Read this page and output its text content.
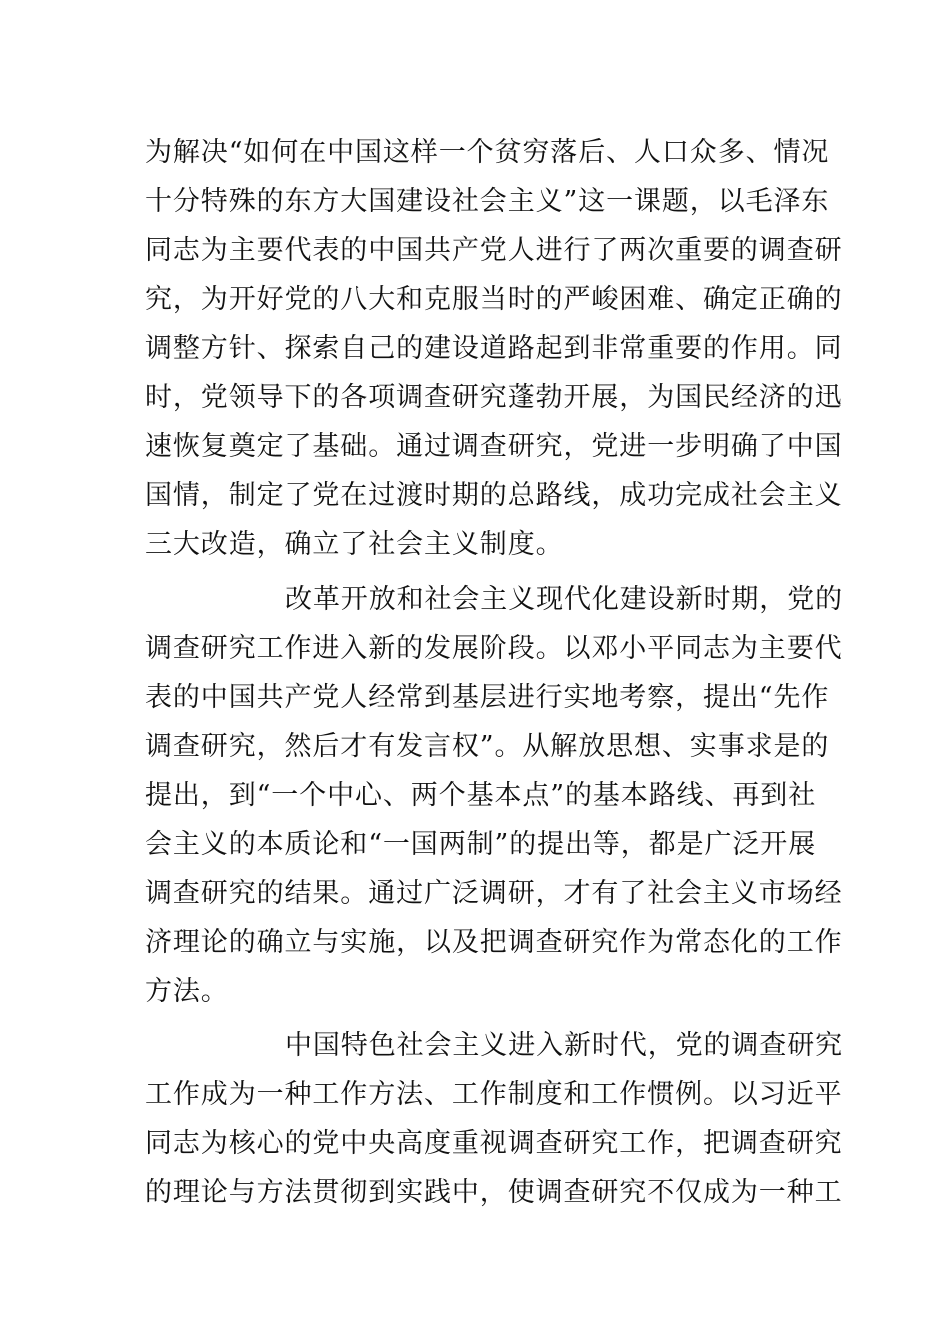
为解决“如何在中国这样一个贫穷落后、人口众多、情况
十分特殊的东方大国建设社会主义”这一课题，以毛泽东
同志为主要代表的中国共产党人进行了两次重要的调查研
究，为开好党的八大和克服当时的严峻困难、确定正确的
调整方针、探索自己的建设道路起到非常重要的作用。同
时，党领导下的各项调查研究蓬勃开展，为国民经济的迅
速恢复奠定了基础。通过调查研究，党进一步明确了中国
国情，制定了党在过渡时期的总路线，成功完成社会主义
三大改造，确立了社会主义制度。
改革开放和社会主义现代化建设新时期，党的
调查研究工作进入新的发展阶段。以邓小平同志为主要代
表的中国共产党人经常到基层进行实地考察，提出“先作
调查研究，然后才有发言权”。从解放思想、实事求是的
提出，到“一个中心、两个基本点”的基本路线、再到社
会主义的本质论和“一国两制”的提出等，都是广泛开展
调查研究的结果。通过广泛调研，才有了社会主义市场经
济理论的确立与实施，以及把调查研究作为常态化的工作
方法。
中国特色社会主义进入新时代，党的调查研究
工作成为一种工作方法、工作制度和工作惯例。以习近平
同志为核心的党中央高度重视调查研究工作，把调查研究
的理论与方法贯彻到实践中，使调查研究不仅成为一种工
